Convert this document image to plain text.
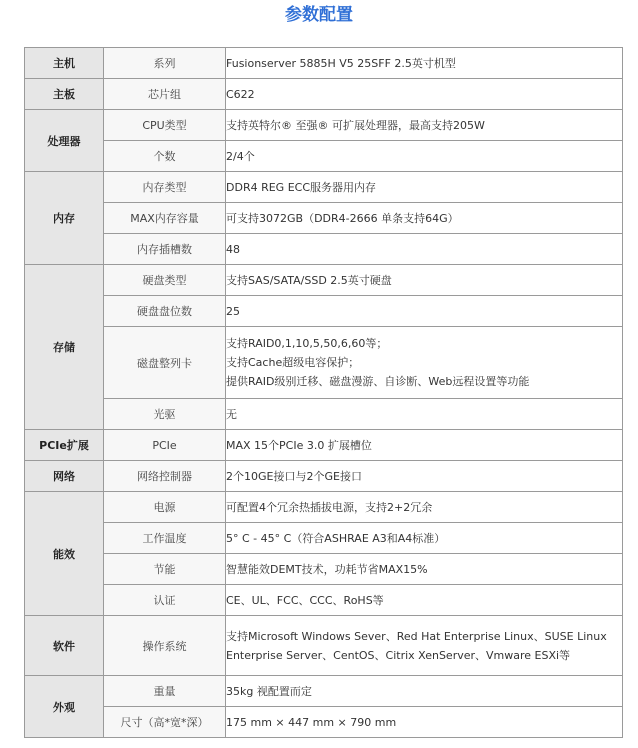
参数配置
主机	系列	Fusionserver 5885H V5 25SFF 2.5英寸机型
主板	芯片组	C622
处理器	CPU类型	支持英特尔® 至强® 可扩展处理器，最高支持205W
	个数	2/4个
内存	内存类型	DDR4 REG ECC服务器用内存
	MAX内存容量	可支持3072GB（DDR4-2666 单条支持64G）
	内存插槽数	48
存储	硬盘类型	支持SAS/SATA/SSD 2.5英寸硬盘
	硬盘盘位数	25
	磁盘整列卡	支持RAID0,1,10,5,50,6,60等；
支持Cache超级电容保护；
提供RAID级别迁移、磁盘漫游、自诊断、Web远程设置等功能

	光驱	无
PCIe扩展	PCIe	MAX 15个PCIe 3.0 扩展槽位
网络	网络控制器	2个10GE接口与2个GE接口
能效	电源	可配置4个冗余热插拔电源，支持2+2冗余
	工作温度	5° C - 45° C（符合ASHRAE A3和A4标准）
	节能	智慧能效DEMT技术，功耗节省MAX15%
	认证	CE、UL、FCC、CCC、RoHS等
软件	操作系统	支持Microsoft Windows Sever、Red Hat Enterprise Linux、SUSE Linux
Enterprise Server、CentOS、Citrix XenServer、Vmware ESXi等

外观	重量	35kg 视配置而定
	尺寸（高*宽*深）	175 mm × 447 mm × 790 mm
